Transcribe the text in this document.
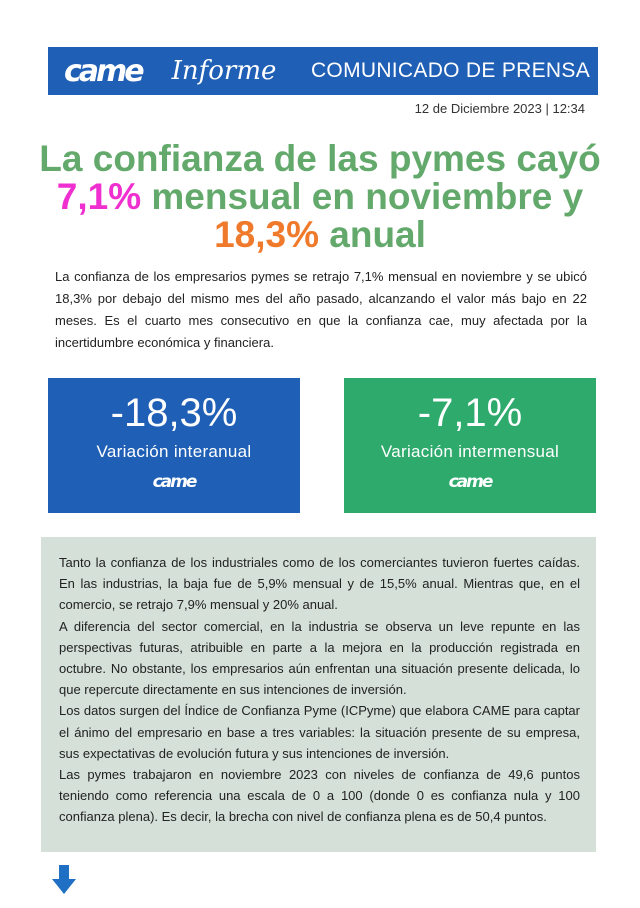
came Informe COMUNICADO DE PRENSA
12 de Diciembre 2023 | 12:34
La confianza de las pymes cayó
7,1% mensual en noviembre y
18,3% anual
La confianza de los empresarios pymes se retrajo 7,1% mensual en noviembre y se ubicó 18,3% por debajo del mismo mes del año pasado, alcanzando el valor más bajo en 22 meses. Es el cuarto mes consecutivo en que la confianza cae, muy afectada por la incertidumbre económica y financiera.
-18,3%
Variación interanual
came
-7,1%
Variación intermensual
came

Tanto la confianza de los industriales como de los comerciantes tuvieron fuertes caídas. En las industrias, la baja fue de 5,9% mensual y de 15,5% anual. Mientras que, en el comercio, se retrajo 7,9% mensual y 20% anual.

A diferencia del sector comercial, en la industria se observa un leve repunte en las perspectivas futuras, atribuible en parte a la mejora en la producción registrada en octubre. No obstante, los empresarios aún enfrentan una situación presente delicada, lo que repercute directamente en sus intenciones de inversión.

Los datos surgen del Índice de Confianza Pyme (ICPyme) que elabora CAME para captar el ánimo del empresario en base a tres variables: la situación presente de su empresa, sus expectativas de evolución futura y sus intenciones de inversión.

Las pymes trabajaron en noviembre 2023 con niveles de confianza de 49,6 puntos teniendo como referencia una escala de 0 a 100 (donde 0 es confianza nula y 100 confianza plena). Es decir, la brecha con nivel de confianza plena es de 50,4 puntos.
